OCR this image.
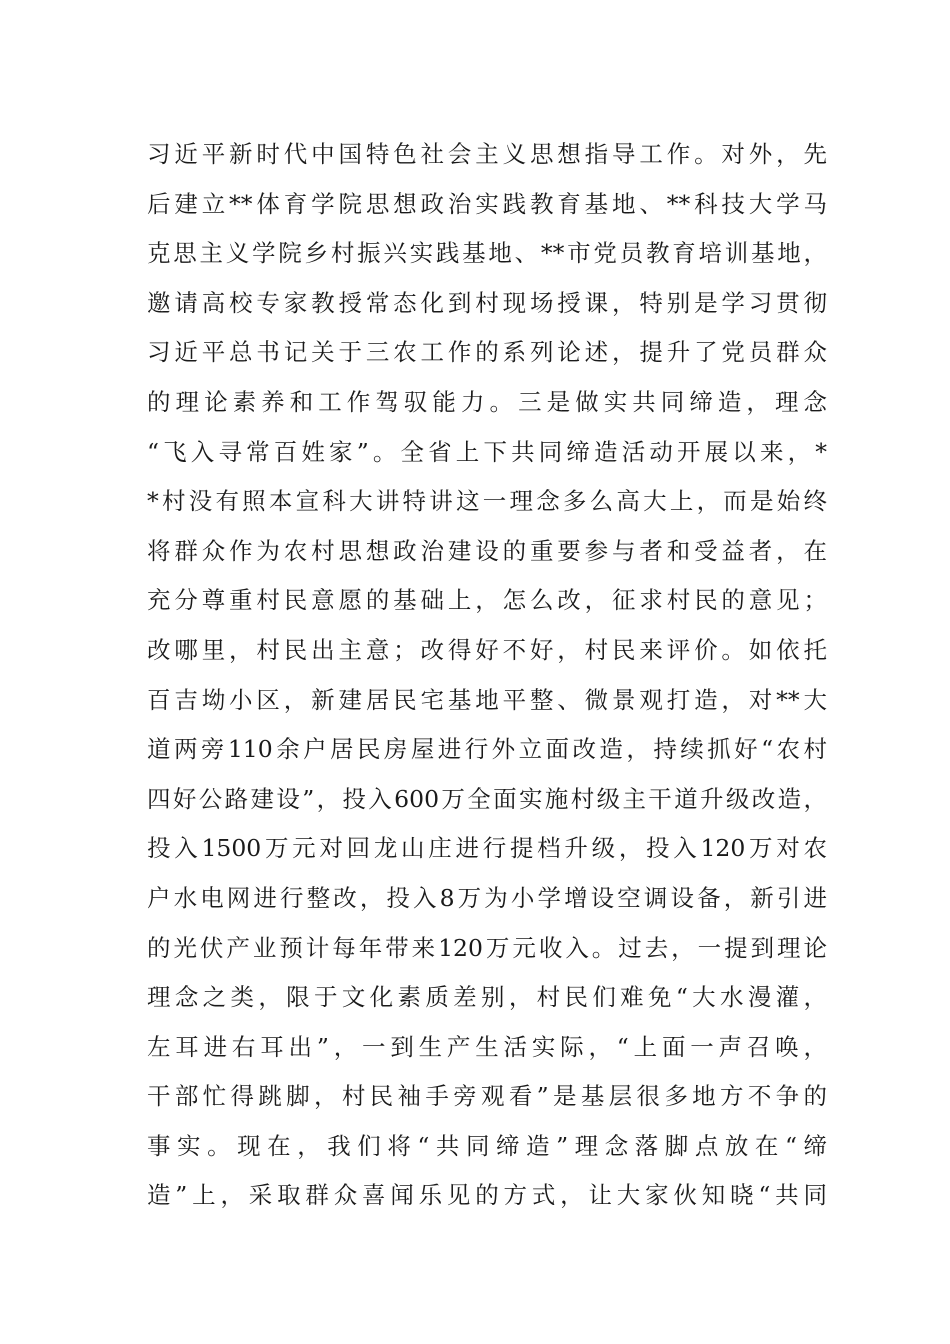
习近平新时代中国特色社会主义思想指导工作。对外，先
后建立**体育学院思想政治实践教育基地、**科技大学马
克思主义学院乡村振兴实践基地、**市党员教育培训基地，
邀请高校专家教授常态化到村现场授课，特别是学习贯彻
习近平总书记关于三农工作的系列论述，提升了党员群众
的理论素养和工作驾驭能力。三是做实共同缔造，理念
“飞入寻常百姓家”。全省上下共同缔造活动开展以来，*
*村没有照本宣科大讲特讲这一理念多么高大上，而是始终
将群众作为农村思想政治建设的重要参与者和受益者，在
充分尊重村民意愿的基础上，怎么改，征求村民的意见；
改哪里，村民出主意；改得好不好，村民来评价。如依托
百吉坳小区，新建居民宅基地平整、微景观打造，对**大
道两旁110余户居民房屋进行外立面改造，持续抓好“农村
四好公路建设”，投入600万全面实施村级主干道升级改造，
投入1500万元对回龙山庄进行提档升级，投入120万对农
户水电网进行整改，投入8万为小学增设空调设备，新引进
的光伏产业预计每年带来120万元收入。过去，一提到理论
理念之类，限于文化素质差别，村民们难免“大水漫灌，
左耳进右耳出”，一到生产生活实际，“上面一声召唤，
干部忙得跳脚，村民袖手旁观看”是基层很多地方不争的
事实。现在，我们将“共同缔造”理念落脚点放在“缔
造”上，采取群众喜闻乐见的方式，让大家伙知晓“共同
